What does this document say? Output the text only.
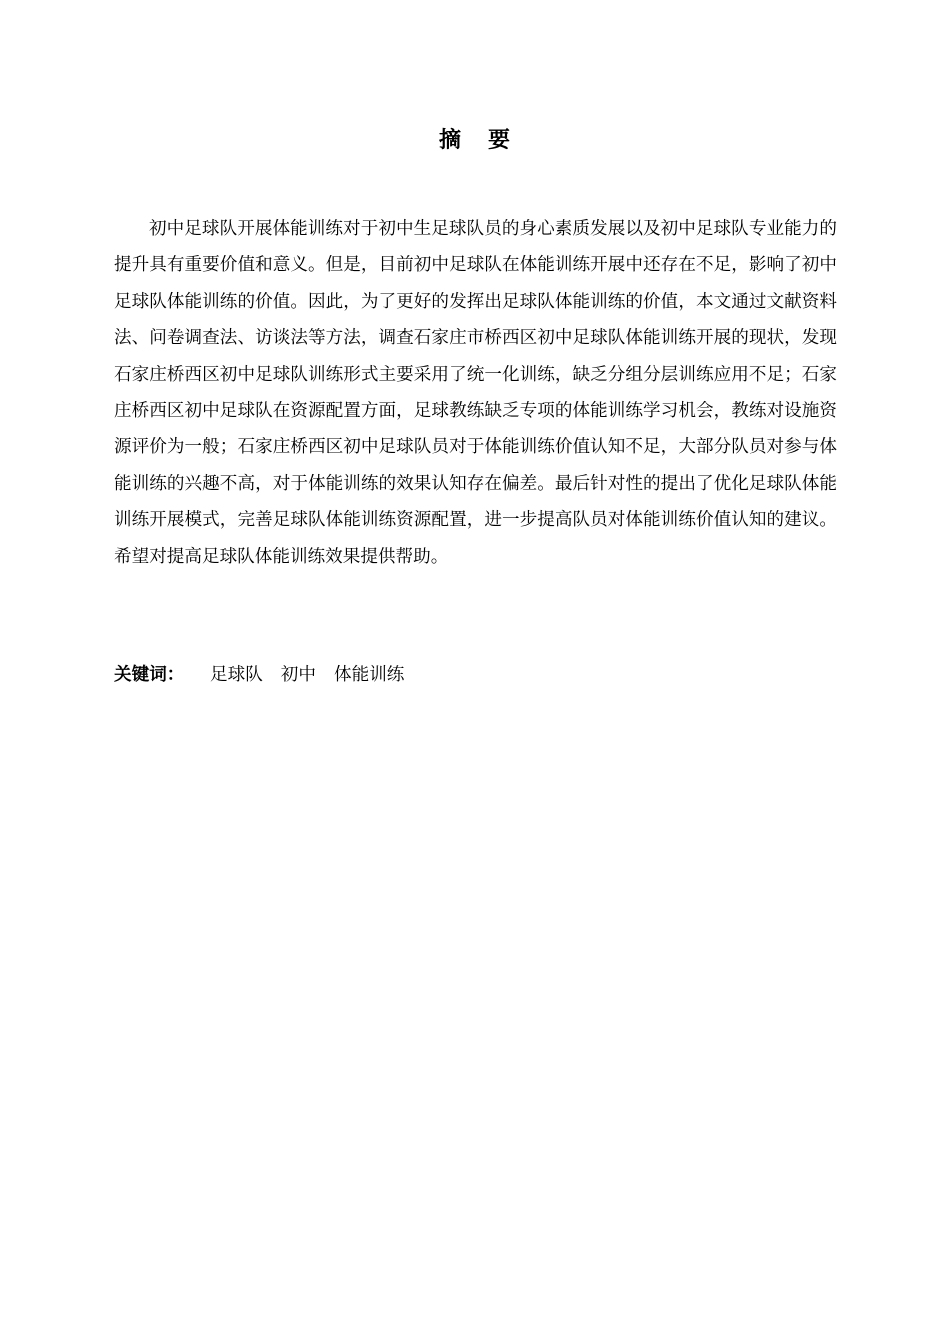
摘 要

初中足球队开展体能训练对于初中生足球队员的身心素质发展以及初中足球队专业能力的提升具有重要价值和意义。但是，目前初中足球队在体能训练开展中还存在不足，影响了初中足球队体能训练的价值。因此，为了更好的发挥出足球队体能训练的价值，本文通过文献资料法、问卷调查法、访谈法等方法，调查石家庄市桥西区初中足球队体能训练开展的现状，发现石家庄桥西区初中足球队训练形式主要采用了统一化训练，缺乏分组分层训练应用不足；石家庄桥西区初中足球队在资源配置方面，足球教练缺乏专项的体能训练学习机会，教练对设施资源评价为一般；石家庄桥西区初中足球队员对于体能训练价值认知不足，大部分队员对参与体能训练的兴趣不高，对于体能训练的效果认知存在偏差。最后针对性的提出了优化足球队体能训练开展模式，完善足球队体能训练资源配置，进一步提高队员对体能训练价值认知的建议。希望对提高足球队体能训练效果提供帮助。

关键词： 足球队 初中 体能训练
